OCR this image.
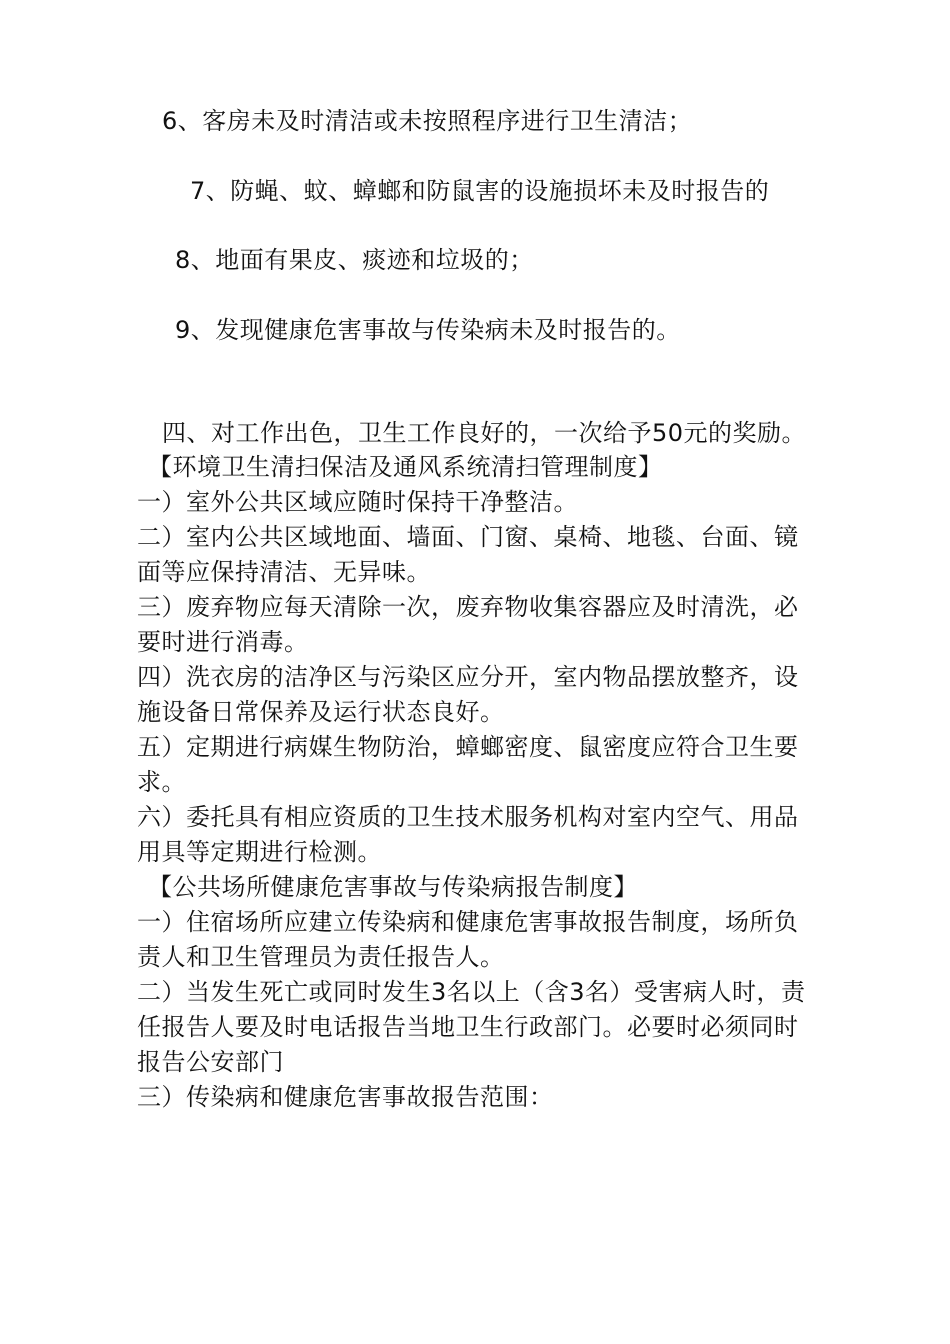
6、客房未及时清洁或未按照程序进行卫生清洁；
7、防蝇、蚊、蟑螂和防鼠害的设施损坏未及时报告的
8、地面有果皮、痰迹和垃圾的；
9、发现健康危害事故与传染病未及时报告的。
四、对工作出色，卫生工作良好的，一次给予50元的奖励。
【环境卫生清扫保洁及通风系统清扫管理制度】
一）室外公共区域应随时保持干净整洁。
二）室内公共区域地面、墙面、门窗、桌椅、地毯、台面、镜
面等应保持清洁、无异味。
三）废弃物应每天清除一次，废弃物收集容器应及时清洗，必
要时进行消毒。
四）洗衣房的洁净区与污染区应分开，室内物品摆放整齐，设
施设备日常保养及运行状态良好。
五）定期进行病媒生物防治，蟑螂密度、鼠密度应符合卫生要
求。
六）委托具有相应资质的卫生技术服务机构对室内空气、用品
用具等定期进行检测。
【公共场所健康危害事故与传染病报告制度】
一）住宿场所应建立传染病和健康危害事故报告制度，场所负
责人和卫生管理员为责任报告人。
二）当发生死亡或同时发生3名以上（含3名）受害病人时，责
任报告人要及时电话报告当地卫生行政部门。必要时必须同时
报告公安部门
三）传染病和健康危害事故报告范围：
